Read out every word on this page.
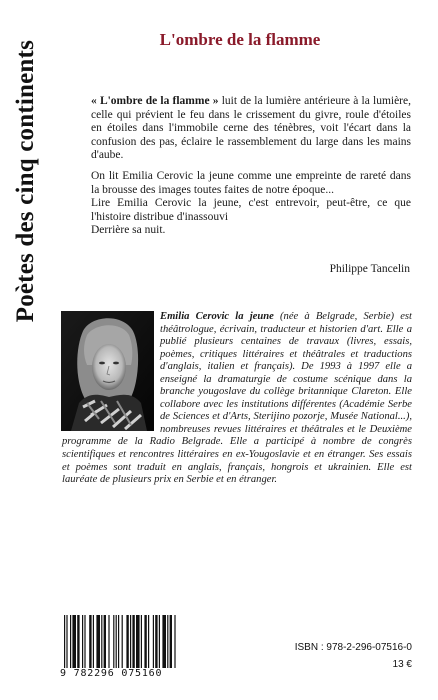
Poètes des cinq continents
L'ombre de la flamme

« L'ombre de la flamme » luit de la lumière antérieure à la lumière, celle qui prévient le feu dans le crissement du givre, roule d'étoiles en étoiles dans l'immobile cerne des ténèbres, voit l'écart dans la confusion des pas, éclaire le rassemblement du large dans les mains d'aube.

On lit Emilia Cerovic la jeune comme une empreinte de rareté dans la brousse des images toutes faites de notre époque...
Lire Emilia Cerovic la jeune, c'est entrevoir, peut-être, ce que l'histoire distribue d'inassouvi
Derrière sa nuit.
Philippe Tancelin

Emilia Cerovic la jeune (née à Belgrade, Serbie) est théâtrologue, écrivain, traducteur et historien d'art. Elle a publié plusieurs centaines de travaux (livres, essais, poèmes, critiques littéraires et théâtrales et traductions d'anglais, italien et français). De 1993 à 1997 elle a enseigné la dramaturgie de costume scénique dans la branche yougoslave du collège britannique Clareton. Elle collabore avec les institutions différentes (Académie Serbe de Sciences et d'Arts, Sterijino pozorje, Musée National...), nombreuses revues littéraires et théâtrales et le Deuxième programme de la Radio Belgrade. Elle a participé à nombre de congrès scientifiques et rencontres littéraires en ex-Yougoslavie et en étranger. Ses essais et poèmes sont traduit en anglais, français, hongrois et ukrainien. Elle est lauréate de plusieurs prix en Serbie et en étranger.

9 782296 075160
ISBN : 978-2-296-07516-0
13 €
